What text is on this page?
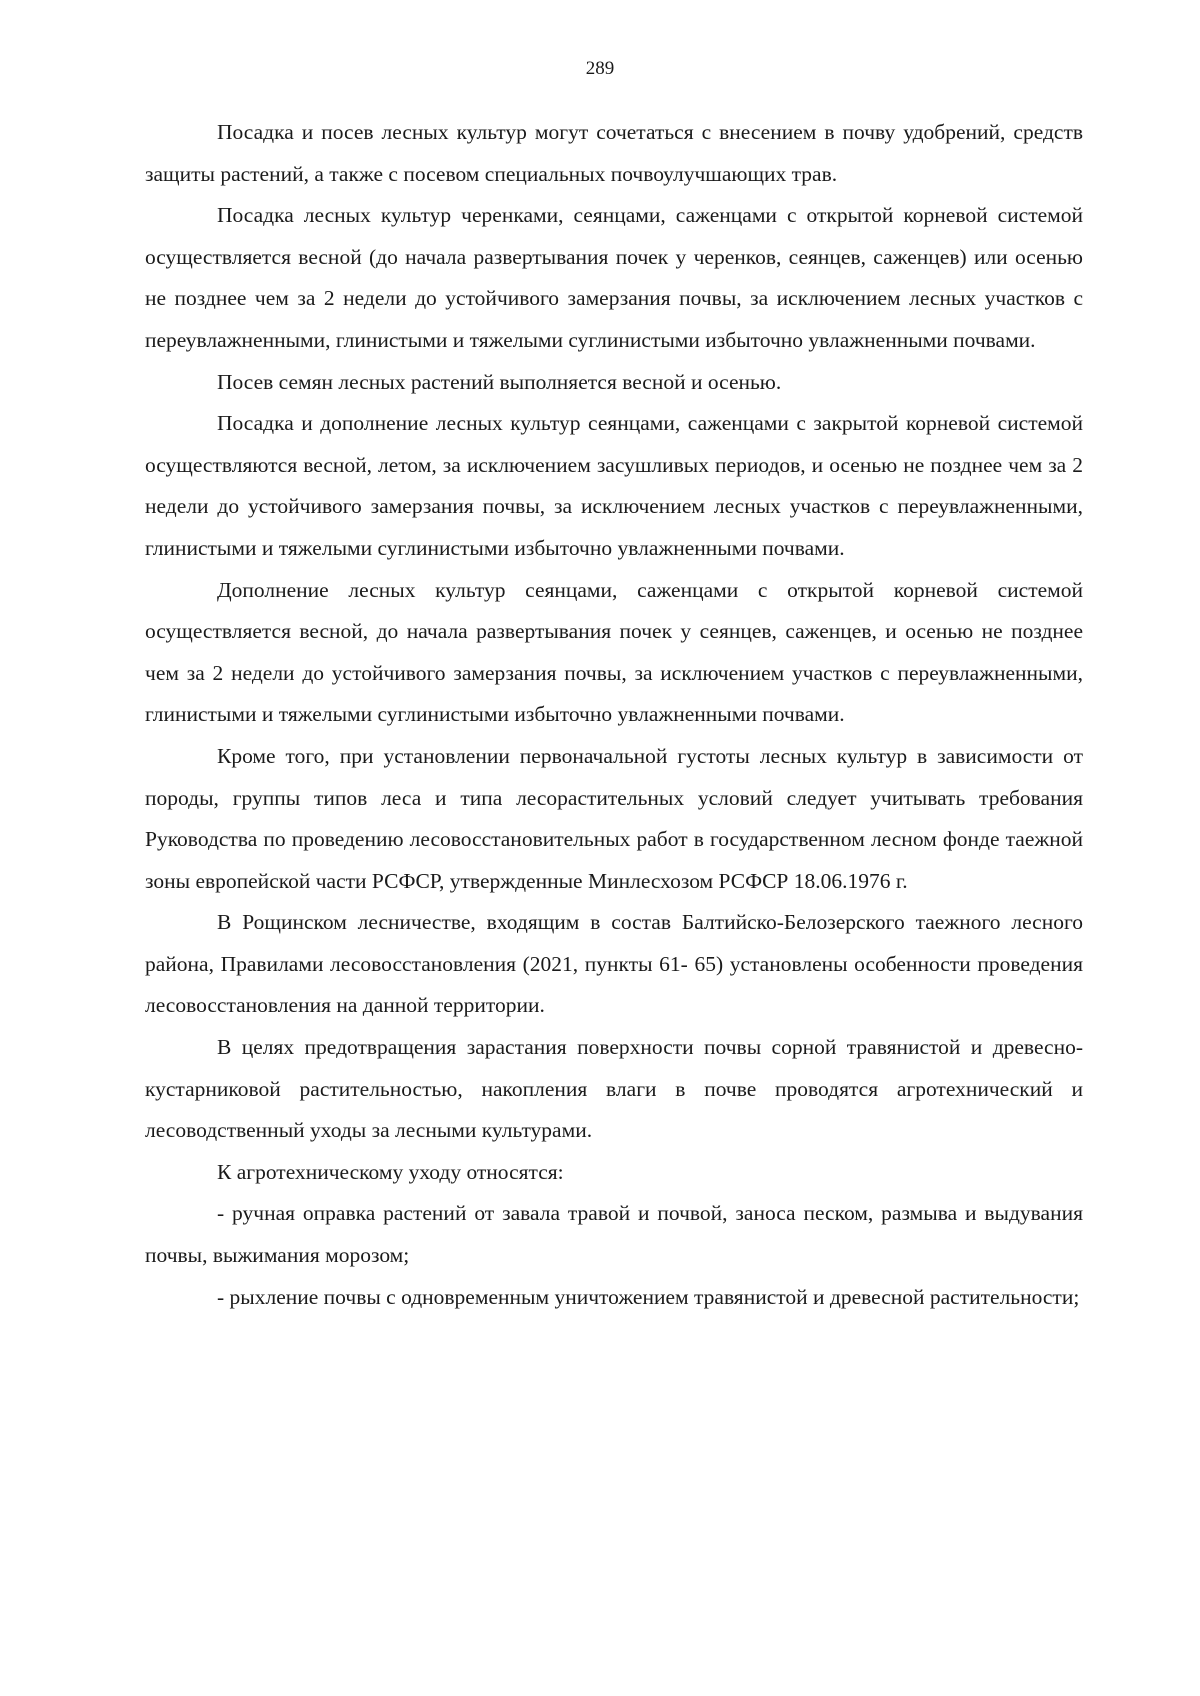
289

Посадка и посев лесных культур могут сочетаться с внесением в почву удобрений, средств защиты растений, а также с посевом специальных почвоулучшающих трав.

Посадка лесных культур черенками, сеянцами, саженцами с открытой корневой системой осуществляется весной (до начала развертывания почек у черенков, сеянцев, саженцев) или осенью не позднее чем за 2 недели до устойчивого замерзания почвы, за исключением лесных участков с переувлажненными, глинистыми и тяжелыми суглинистыми избыточно увлажненными почвами.

Посев семян лесных растений выполняется весной и осенью.

Посадка и дополнение лесных культур сеянцами, саженцами с закрытой корневой системой осуществляются весной, летом, за исключением засушливых периодов, и осенью не позднее чем за 2 недели до устойчивого замерзания почвы, за исключением лесных участков с переувлажненными, глинистыми и тяжелыми суглинистыми избыточно увлажненными почвами.

Дополнение лесных культур сеянцами, саженцами с открытой корневой системой осуществляется весной, до начала развертывания почек у сеянцев, саженцев, и осенью не позднее чем за 2 недели до устойчивого замерзания почвы, за исключением участков с переувлажненными, глинистыми и тяжелыми суглинистыми избыточно увлажненными почвами.

Кроме того, при установлении первоначальной густоты лесных культур в зависимости от породы, группы типов леса и типа лесорастительных условий следует учитывать требования Руководства по проведению лесовосстановительных работ в государственном лесном фонде таежной зоны европейской части РСФСР, утвержденные Минлесхозом РСФСР 18.06.1976 г.

В Рощинском лесничестве, входящим в состав Балтийско-Белозерского таежного лесного района, Правилами лесовосстановления (2021, пункты 61- 65) установлены особенности проведения лесовосстановления на данной территории.

В целях предотвращения зарастания поверхности почвы сорной травянистой и древесно-кустарниковой растительностью, накопления влаги в почве проводятся агротехнический и лесоводственный уходы за лесными культурами.

К агротехническому уходу относятся:

- ручная оправка растений от завала травой и почвой, заноса песком, размыва и выдувания почвы, выжимания морозом;

- рыхление почвы с одновременным уничтожением травянистой и древесной растительности;
